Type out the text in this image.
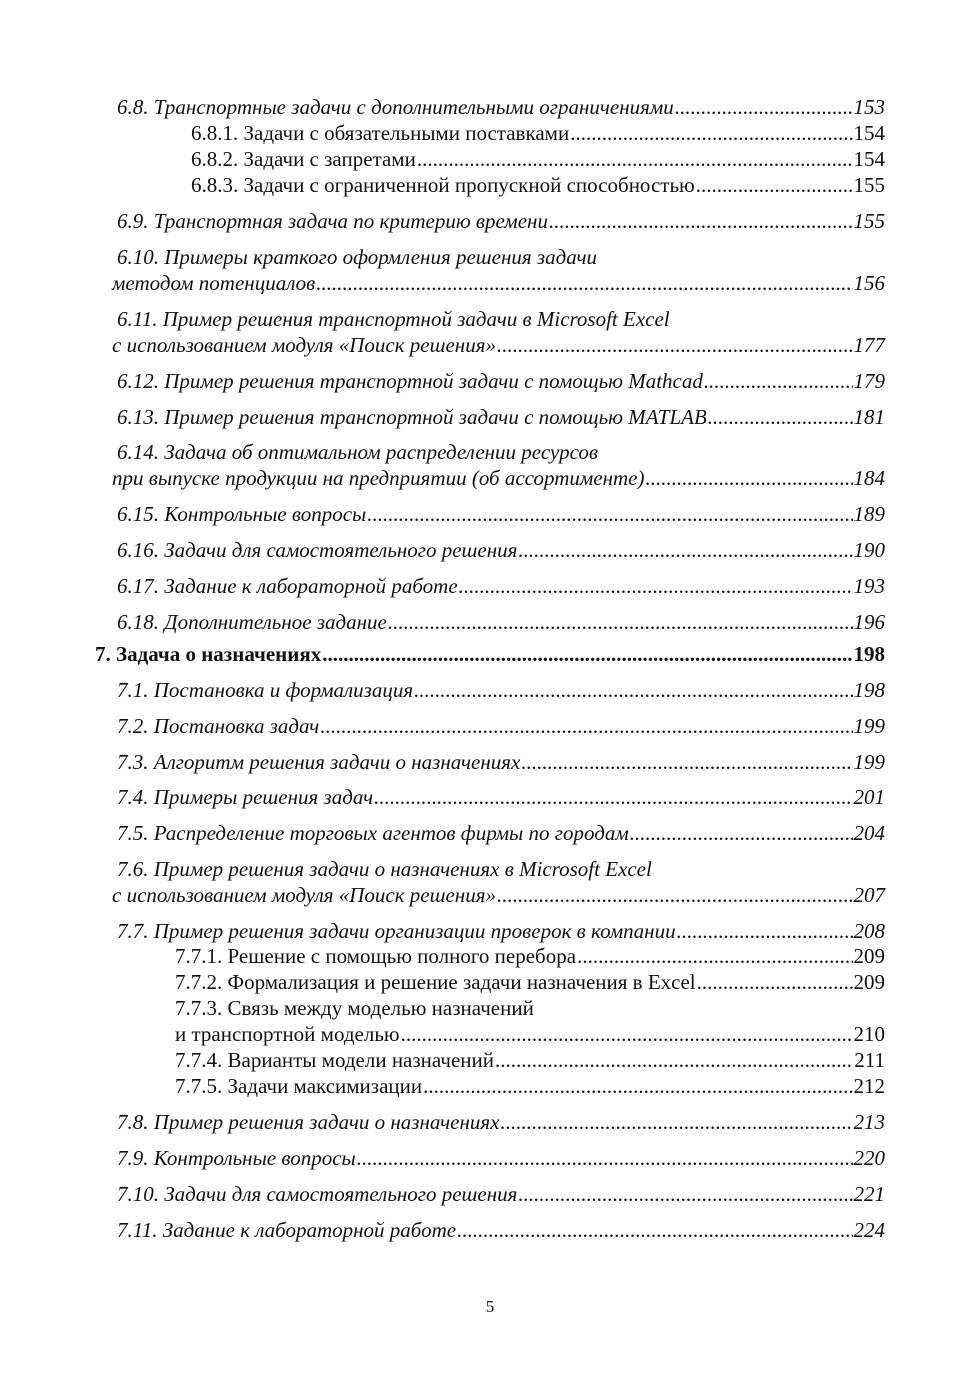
6.8. Транспортные задачи с дополнительными ограничениями .....	153
6.8.1. Задачи с обязательными поставками .....	154
6.8.2. Задачи с запретами .....	154
6.8.3. Задачи с ограниченной пропускной способностью .....	155
6.9. Транспортная задача по критерию времени .....	155
6.10. Примеры краткого оформления решения задачи
методом потенциалов .....	156
6.11. Пример решения транспортной задачи в Microsoft Excel
с использованием модуля «Поиск решения» .....	177
6.12. Пример решения транспортной задачи с помощью Mathcad .....	179
6.13. Пример решения транспортной задачи с помощью MATLAB .....	181
6.14. Задача об оптимальном распределении ресурсов
при выпуске продукции на предприятии (об ассортименте) .....	184
6.15. Контрольные вопросы .....	189
6.16. Задачи для самостоятельного решения .....	190
6.17. Задание к лабораторной работе .....	193
6.18. Дополнительное задание .....	196
7. Задача о назначениях .....	198
7.1. Постановка и формализация .....	198
7.2. Постановка задач .....	199
7.3. Алгоритм решения задачи о назначениях .....	199
7.4. Примеры решения задач .....	201
7.5. Распределение торговых агентов фирмы по городам .....	204
7.6. Пример решения задачи о назначениях в Microsoft Excel
с использованием модуля «Поиск решения» .....	207
7.7. Пример решения задачи организации проверок в компании .....	208
7.7.1. Решение с помощью полного перебора .....	209
7.7.2. Формализация и решение задачи назначения в Excel .....	209
7.7.3. Связь между моделью назначений
и транспортной моделью .....	210
7.7.4. Варианты модели назначений .....	211
7.7.5. Задачи максимизации .....	212
7.8. Пример решения задачи о назначениях .....	213
7.9. Контрольные вопросы .....	220
7.10. Задачи для самостоятельного решения .....	221
7.11. Задание к лабораторной работе .....	224
5
